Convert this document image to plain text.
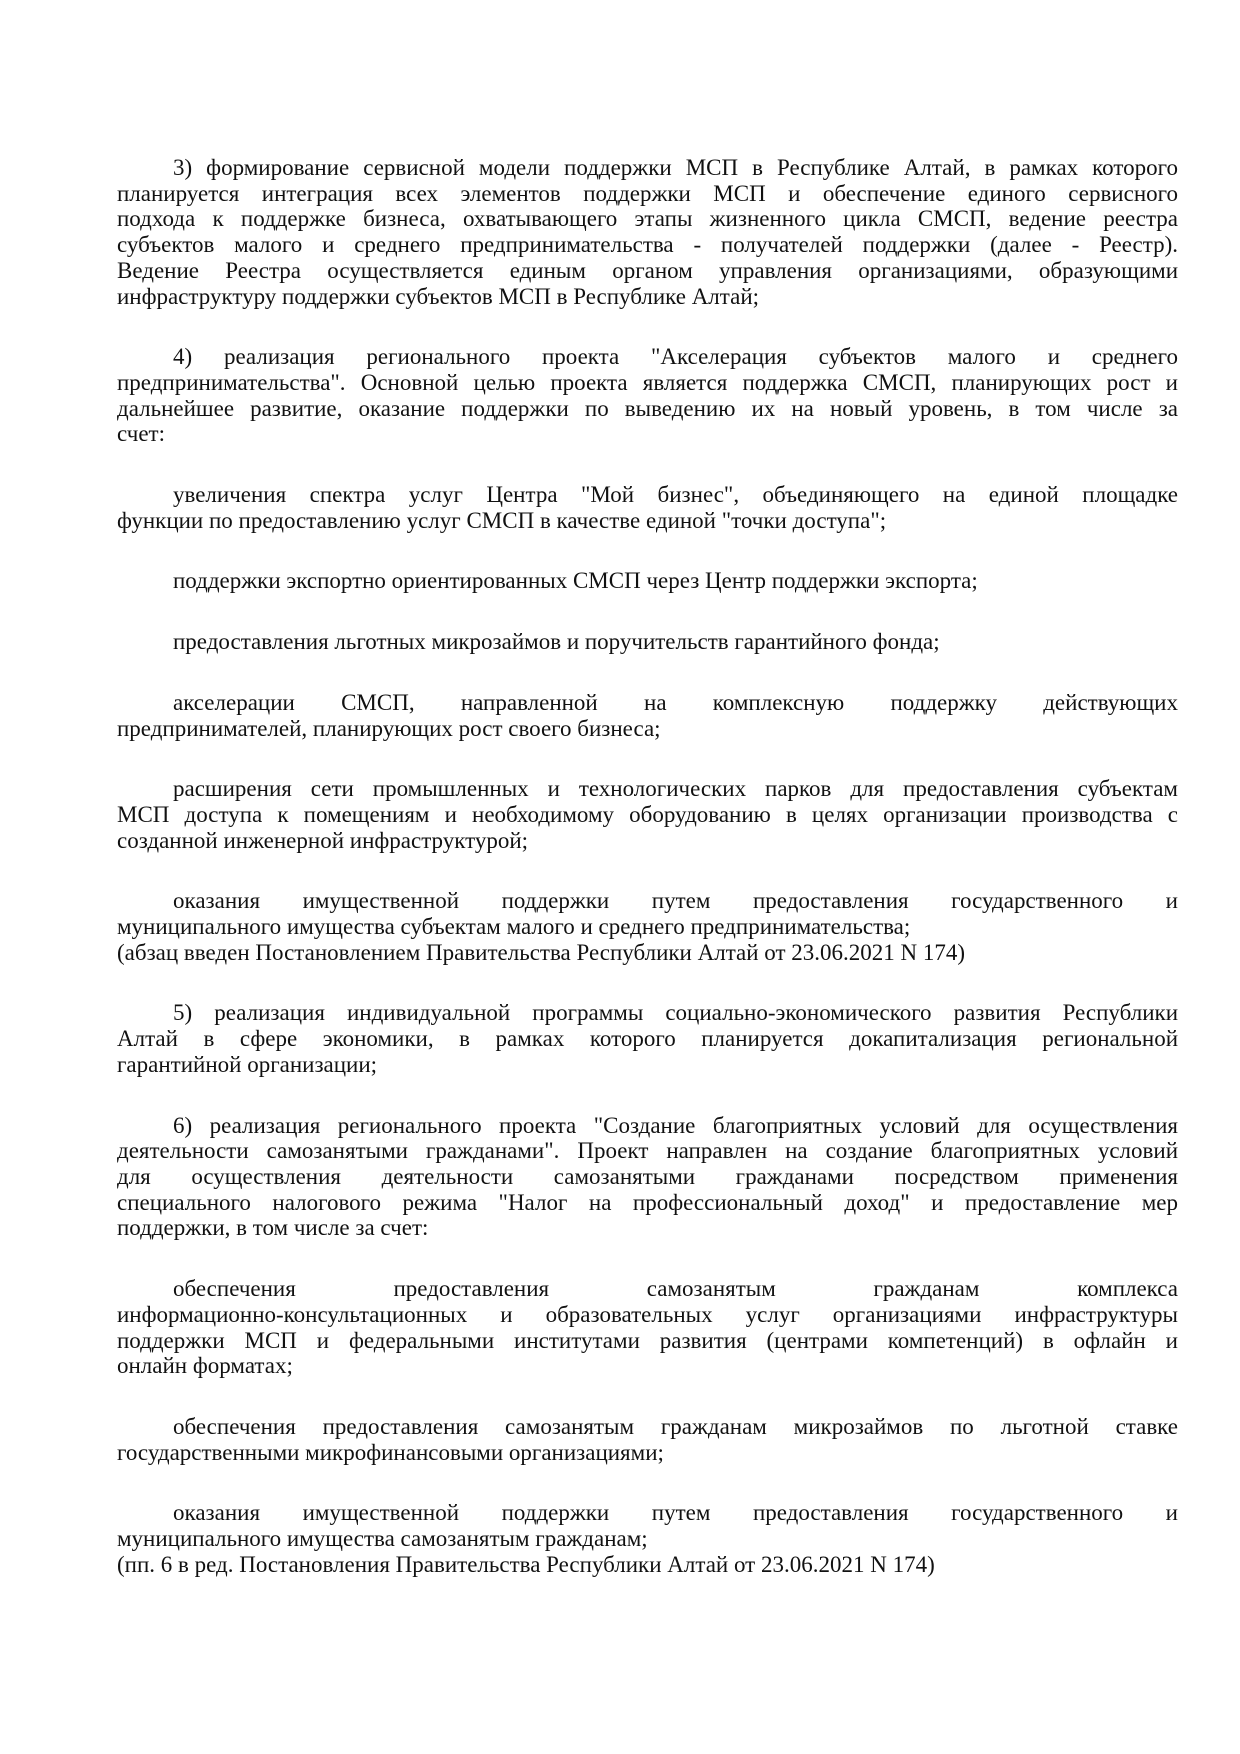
3) формирование сервисной модели поддержки МСП в Республике Алтай, в рамках которого
планируется интеграция всех элементов поддержки МСП и обеспечение единого сервисного
подхода к поддержке бизнеса, охватывающего этапы жизненного цикла СМСП, ведение реестра
субъектов малого и среднего предпринимательства - получателей поддержки (далее - Реестр).
Ведение Реестра осуществляется единым органом управления организациями, образующими
инфраструктуру поддержки субъектов МСП в Республике Алтай;
4) реализация регионального проекта "Акселерация субъектов малого и среднего
предпринимательства". Основной целью проекта является поддержка СМСП, планирующих рост и
дальнейшее развитие, оказание поддержки по выведению их на новый уровень, в том числе за
счет:
увеличения спектра услуг Центра "Мой бизнес", объединяющего на единой площадке
функции по предоставлению услуг СМСП в качестве единой "точки доступа";
поддержки экспортно ориентированных СМСП через Центр поддержки экспорта;
предоставления льготных микрозаймов и поручительств гарантийного фонда;
акселерации СМСП, направленной на комплексную поддержку действующих
предпринимателей, планирующих рост своего бизнеса;
расширения сети промышленных и технологических парков для предоставления субъектам
МСП доступа к помещениям и необходимому оборудованию в целях организации производства с
созданной инженерной инфраструктурой;
оказания имущественной поддержки путем предоставления государственного и
муниципального имущества субъектам малого и среднего предпринимательства;
(абзац введен Постановлением Правительства Республики Алтай от 23.06.2021 N 174)
5) реализация индивидуальной программы социально-экономического развития Республики
Алтай в сфере экономики, в рамках которого планируется докапитализация региональной
гарантийной организации;
6) реализация регионального проекта "Создание благоприятных условий для осуществления
деятельности самозанятыми гражданами". Проект направлен на создание благоприятных условий
для осуществления деятельности самозанятыми гражданами посредством применения
специального налогового режима "Налог на профессиональный доход" и предоставление мер
поддержки, в том числе за счет:
обеспечения предоставления самозанятым гражданам комплекса
информационно-консультационных и образовательных услуг организациями инфраструктуры
поддержки МСП и федеральными институтами развития (центрами компетенций) в офлайн и
онлайн форматах;
обеспечения предоставления самозанятым гражданам микрозаймов по льготной ставке
государственными микрофинансовыми организациями;
оказания имущественной поддержки путем предоставления государственного и
муниципального имущества самозанятым гражданам;
(пп. 6 в ред. Постановления Правительства Республики Алтай от 23.06.2021 N 174)
